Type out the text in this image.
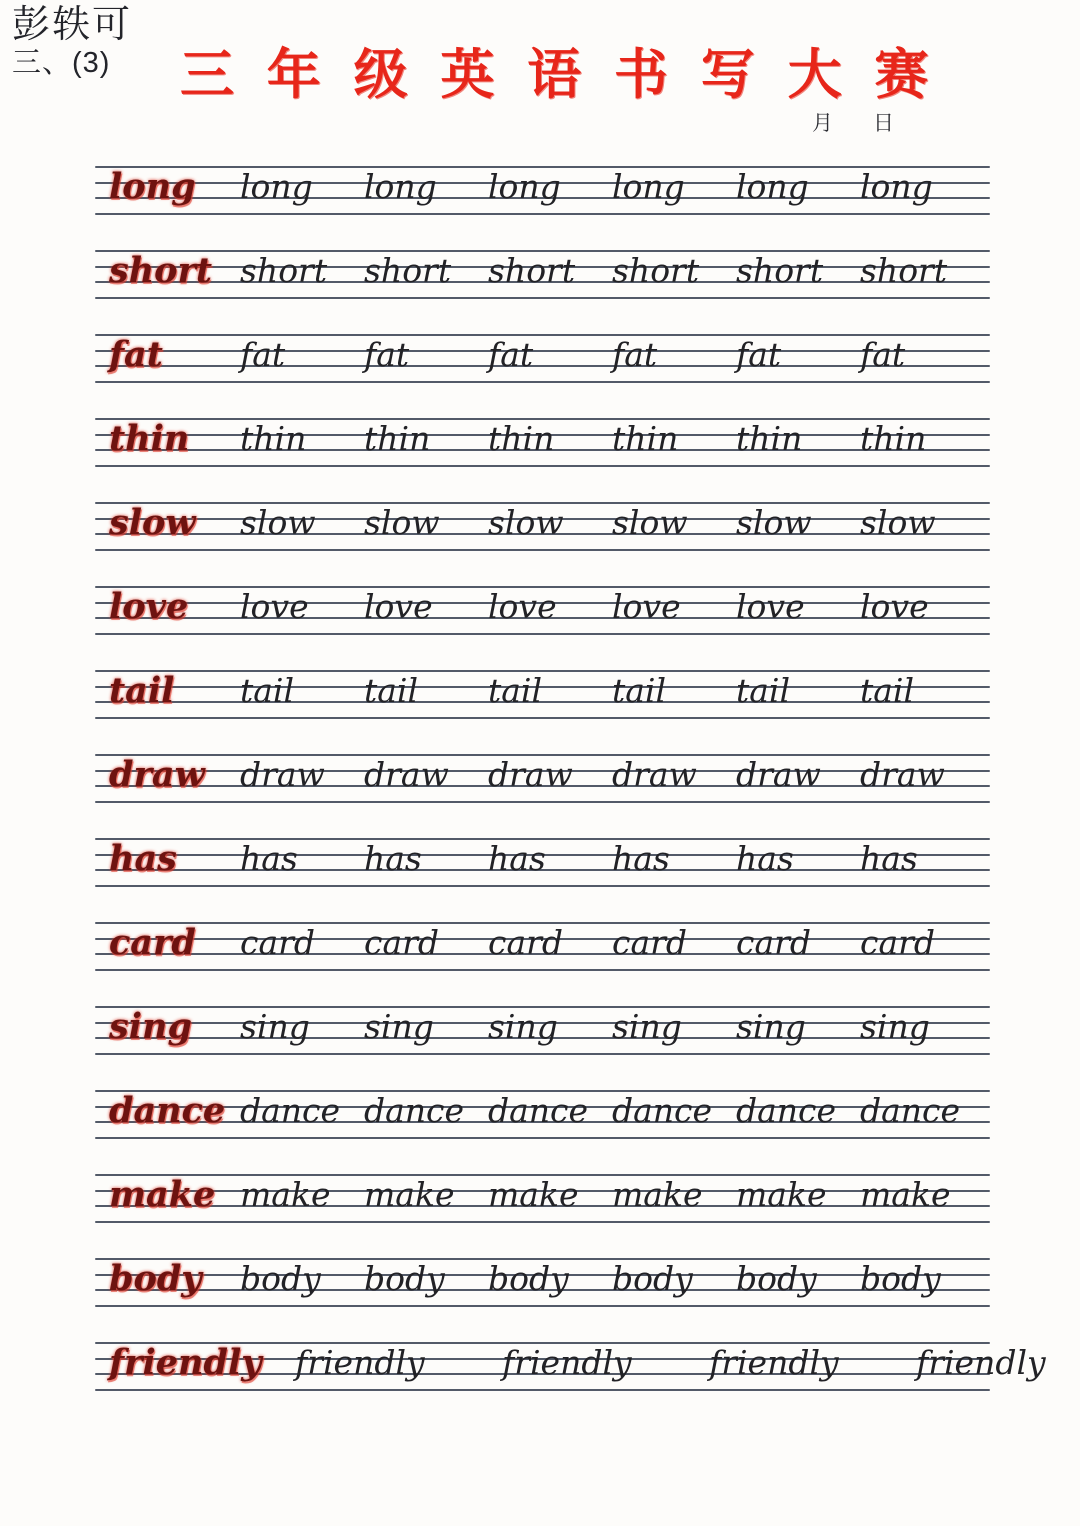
彭轶可
三、(3)	三 年 级 英 语 书 写 大 赛
月 日
long long long long long long long
short short short short short short short
fat fat fat fat fat fat fat
thin thin thin thin thin thin thin
slow slow slow slow slow slow slow
love love love love love love love
tail tail tail tail tail tail tail
draw draw draw draw draw draw draw
has has has has has has has
card card card card card card card
sing sing sing sing sing sing sing
dance dance dance dance dance dance dance
make make make make make make make
body body body body body body body
friendly friendly friendly friendly friendly
